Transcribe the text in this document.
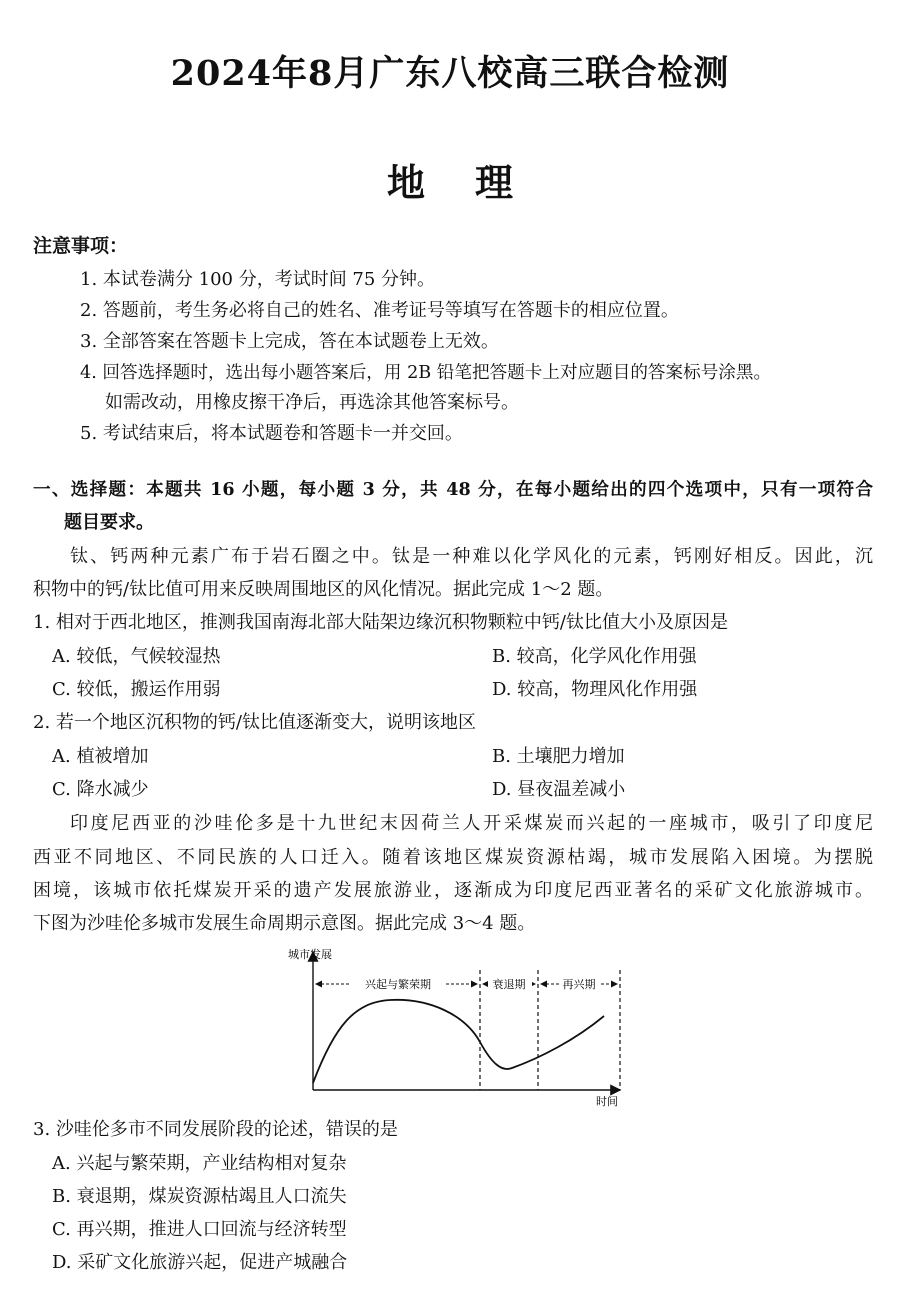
2024年8月广东八校高三联合检测
地理
注意事项：
1. 本试卷满分 100 分，考试时间 75 分钟。
2. 答题前，考生务必将自己的姓名、准考证号等填写在答题卡的相应位置。
3. 全部答案在答题卡上完成，答在本试题卷上无效。
4. 回答选择题时，选出每小题答案后，用 2B 铅笔把答题卡上对应题目的答案标号涂黑。
如需改动，用橡皮擦干净后，再选涂其他答案标号。
5. 考试结束后，将本试题卷和答题卡一并交回。
一、选择题：本题共 16 小题，每小题 3 分，共 48 分，在每小题给出的四个选项中，只有一项符合
题目要求。
钛、钙两种元素广布于岩石圈之中。钛是一种难以化学风化的元素，钙刚好相反。因此，沉
积物中的钙/钛比值可用来反映周围地区的风化情况。据此完成 1～2 题。
1. 相对于西北地区，推测我国南海北部大陆架边缘沉积物颗粒中钙/钛比值大小及原因是
A. 较低，气候较湿热	B. 较高，化学风化作用强
C. 较低，搬运作用弱	D. 较高，物理风化作用强
2. 若一个地区沉积物的钙/钛比值逐渐变大，说明该地区
A. 植被增加	B. 土壤肥力增加
C. 降水减少	D. 昼夜温差减小
印度尼西亚的沙哇伦多是十九世纪末因荷兰人开采煤炭而兴起的一座城市，吸引了印度尼
西亚不同地区、不同民族的人口迁入。随着该地区煤炭资源枯竭，城市发展陷入困境。为摆脱
困境，该城市依托煤炭开采的遗产发展旅游业，逐渐成为印度尼西亚著名的采矿文化旅游城市。
下图为沙哇伦多城市发展生命周期示意图。据此完成 3～4 题。
城市发展
时间
兴起与繁荣期	衰退期	再兴期
3. 沙哇伦多市不同发展阶段的论述，错误的是
A. 兴起与繁荣期，产业结构相对复杂
B. 衰退期，煤炭资源枯竭且人口流失
C. 再兴期，推进人口回流与经济转型
D. 采矿文化旅游兴起，促进产城融合
